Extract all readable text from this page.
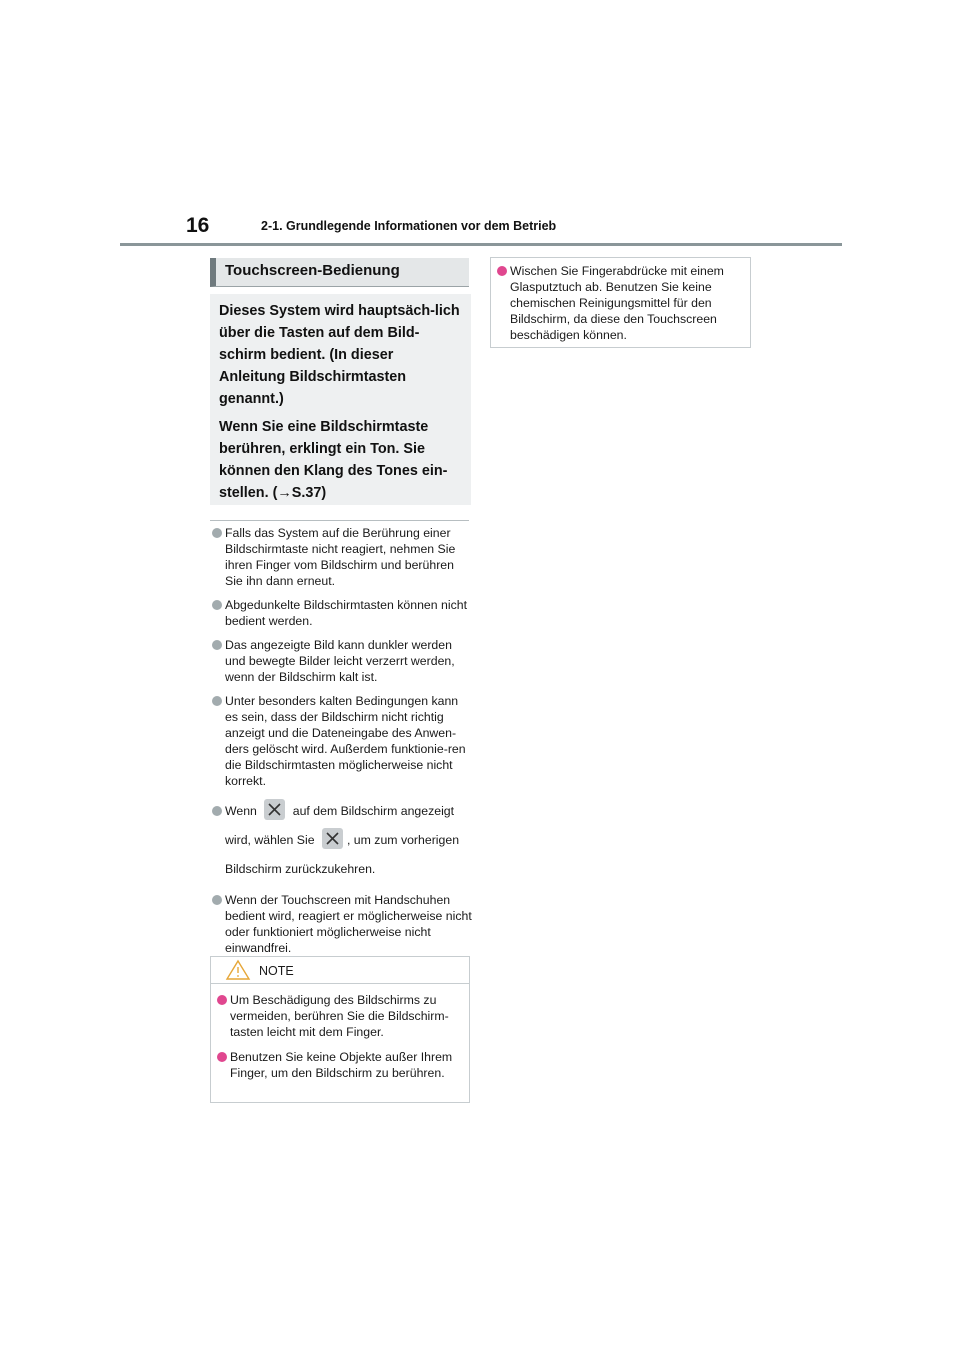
16	2-1. Grundlegende Informationen vor dem Betrieb
Touchscreen-Bedienung

Dieses System wird hauptsäch-lich über die Tasten auf dem Bild-schirm bedient. (In dieser Anleitung Bildschirmtasten genannt.)

Wenn Sie eine Bildschirmtaste berühren, erklingt ein Ton. Sie können den Klang des Tones ein-stellen. (→S.37)

Falls das System auf die Berührung einer Bildschirmtaste nicht reagiert, nehmen Sie ihren Finger vom Bildschirm und berühren Sie ihn dann erneut.
Abgedunkelte Bildschirmtasten können nicht bedient werden.
Das angezeigte Bild kann dunkler werden und bewegte Bilder leicht verzerrt werden, wenn der Bildschirm kalt ist.
Unter besonders kalten Bedingungen kann es sein, dass der Bildschirm nicht richtig anzeigt und die Dateneingabe des Anwen-ders gelöscht wird. Außerdem funktionie-ren die Bildschirmtasten möglicherweise nicht korrekt.
Wenn	auf dem Bildschirm angezeigt wird, wählen Sie	, um zum vorherigen Bildschirm zurückzukehren.
Wenn der Touchscreen mit Handschuhen bedient wird, reagiert er möglicherweise nicht oder funktioniert möglicherweise nicht einwandfrei.
NOTE
Um Beschädigung des Bildschirms zu vermeiden, berühren Sie die Bildschirm-tasten leicht mit dem Finger.
Benutzen Sie keine Objekte außer Ihrem Finger, um den Bildschirm zu berühren.
Wischen Sie Fingerabdrücke mit einem Glasputztuch ab. Benutzen Sie keine chemischen Reinigungsmittel für den Bildschirm, da diese den Touchscreen beschädigen können.
